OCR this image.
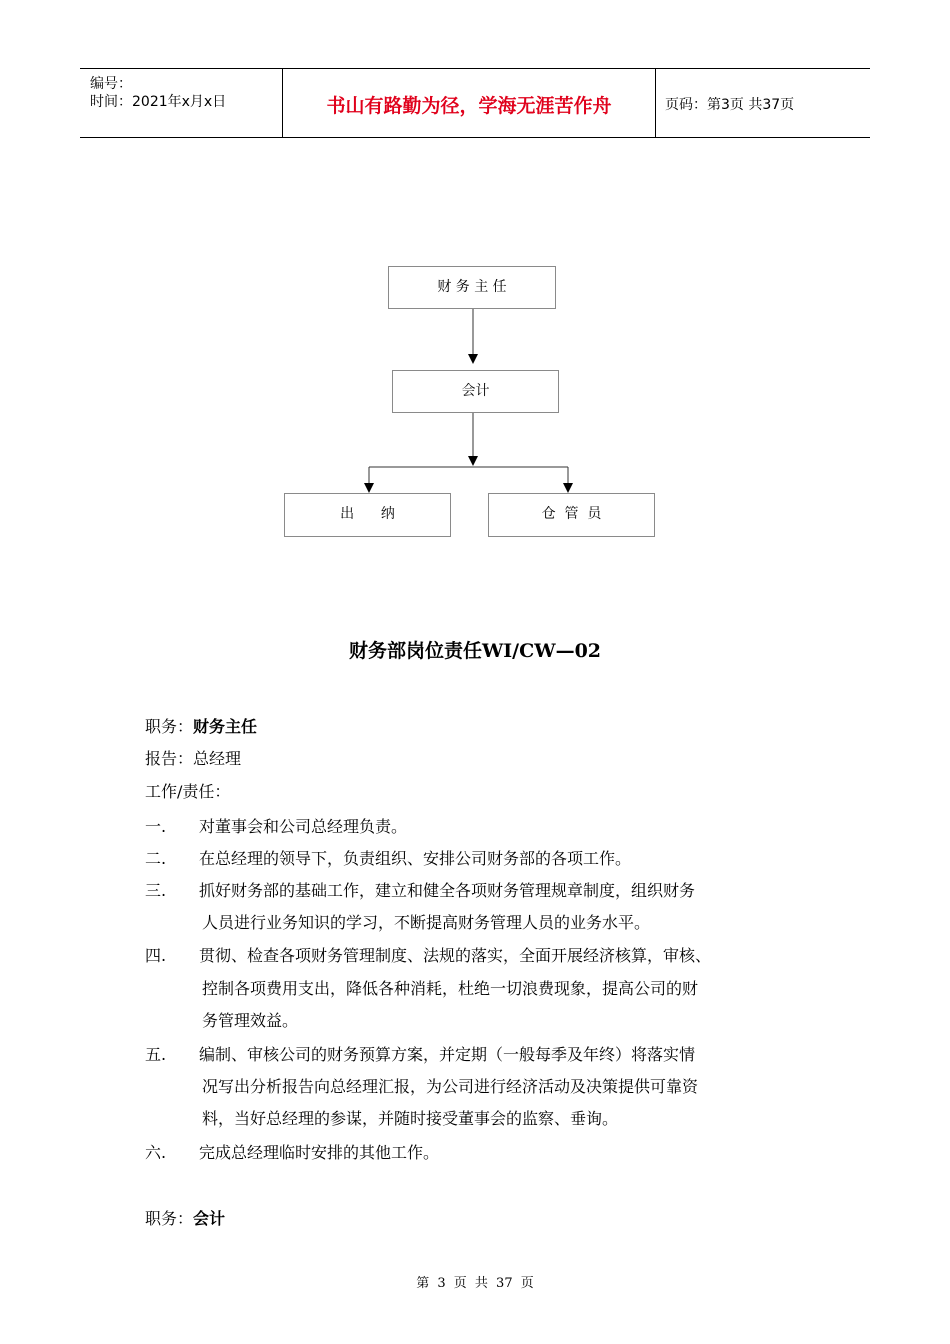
编号：
时间：2021年x月x日	书山有路勤为径，学海无涯苦作舟	页码：第3页 共37页
财 务 主 任
会计
出      纳	仓  管  员
财务部岗位责任WI/CW—02
职务：财务主任
报告：总经理
工作/责任：
一. 对董事会和公司总经理负责。
二. 在总经理的领导下，负责组织、安排公司财务部的各项工作。
三. 抓好财务部的基础工作，建立和健全各项财务管理规章制度，组织财务
人员进行业务知识的学习，不断提高财务管理人员的业务水平。
四. 贯彻、检查各项财务管理制度、法规的落实，全面开展经济核算，审核、
控制各项费用支出，降低各种消耗，杜绝一切浪费现象，提高公司的财
务管理效益。
五. 编制、审核公司的财务预算方案，并定期（一般每季及年终）将落实情
况写出分析报告向总经理汇报，为公司进行经济活动及决策提供可靠资
料，当好总经理的参谋，并随时接受董事会的监察、垂询。
六. 完成总经理临时安排的其他工作。
职务：会计
第 3 页 共 37 页
